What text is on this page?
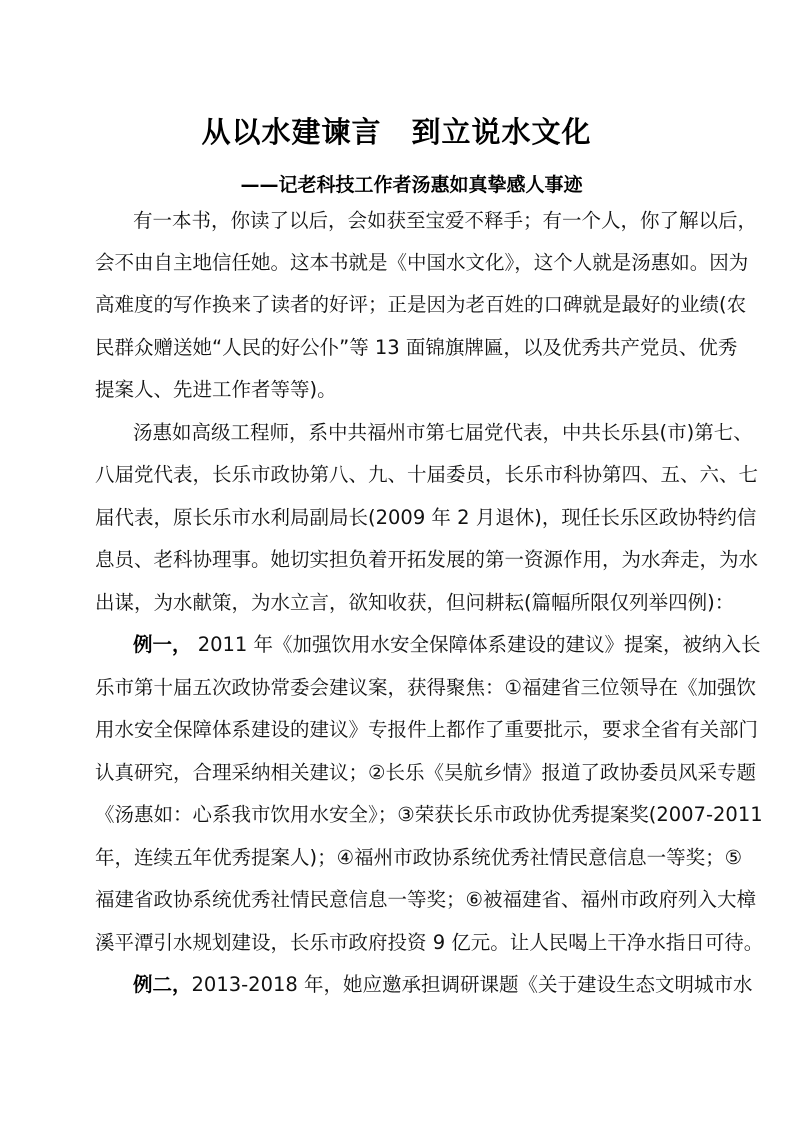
从以水建谏言　到立说水文化
——记老科技工作者汤惠如真挚感人事迹
有一本书，你读了以后，会如获至宝爱不释手；有一个人，你了解以后，
会不由自主地信任她。这本书就是《中国水文化》，这个人就是汤惠如。因为
高难度的写作换来了读者的好评；正是因为老百姓的口碑就是最好的业绩(农
民群众赠送她“人民的好公仆”等 13 面锦旗牌匾，以及优秀共产党员、优秀
提案人、先进工作者等等)。
汤惠如高级工程师，系中共福州市第七届党代表，中共长乐县(市)第七、
八届党代表，长乐市政协第八、九、十届委员，长乐市科协第四、五、六、七
届代表，原长乐市水利局副局长(2009 年 2 月退休)，现任长乐区政协特约信
息员、老科协理事。她切实担负着开拓发展的第一资源作用，为水奔走，为水
出谋，为水献策，为水立言，欲知收获，但问耕耘(篇幅所限仅列举四例)：
例一， 2011 年《加强饮用水安全保障体系建设的建议》提案，被纳入长
乐市第十届五次政协常委会建议案，获得聚焦：①福建省三位领导在《加强饮
用水安全保障体系建设的建议》专报件上都作了重要批示，要求全省有关部门
认真研究，合理采纳相关建议；②长乐《吴航乡情》报道了政协委员风采专题
《汤惠如：心系我市饮用水安全》；③荣获长乐市政协优秀提案奖(2007-2011
年，连续五年优秀提案人)；④福州市政协系统优秀社情民意信息一等奖；⑤
福建省政协系统优秀社情民意信息一等奖；⑥被福建省、福州市政府列入大樟
溪平潭引水规划建设，长乐市政府投资 9 亿元。让人民喝上干净水指日可待。
例二，2013-2018 年，她应邀承担调研课题《关于建设生态文明城市水
